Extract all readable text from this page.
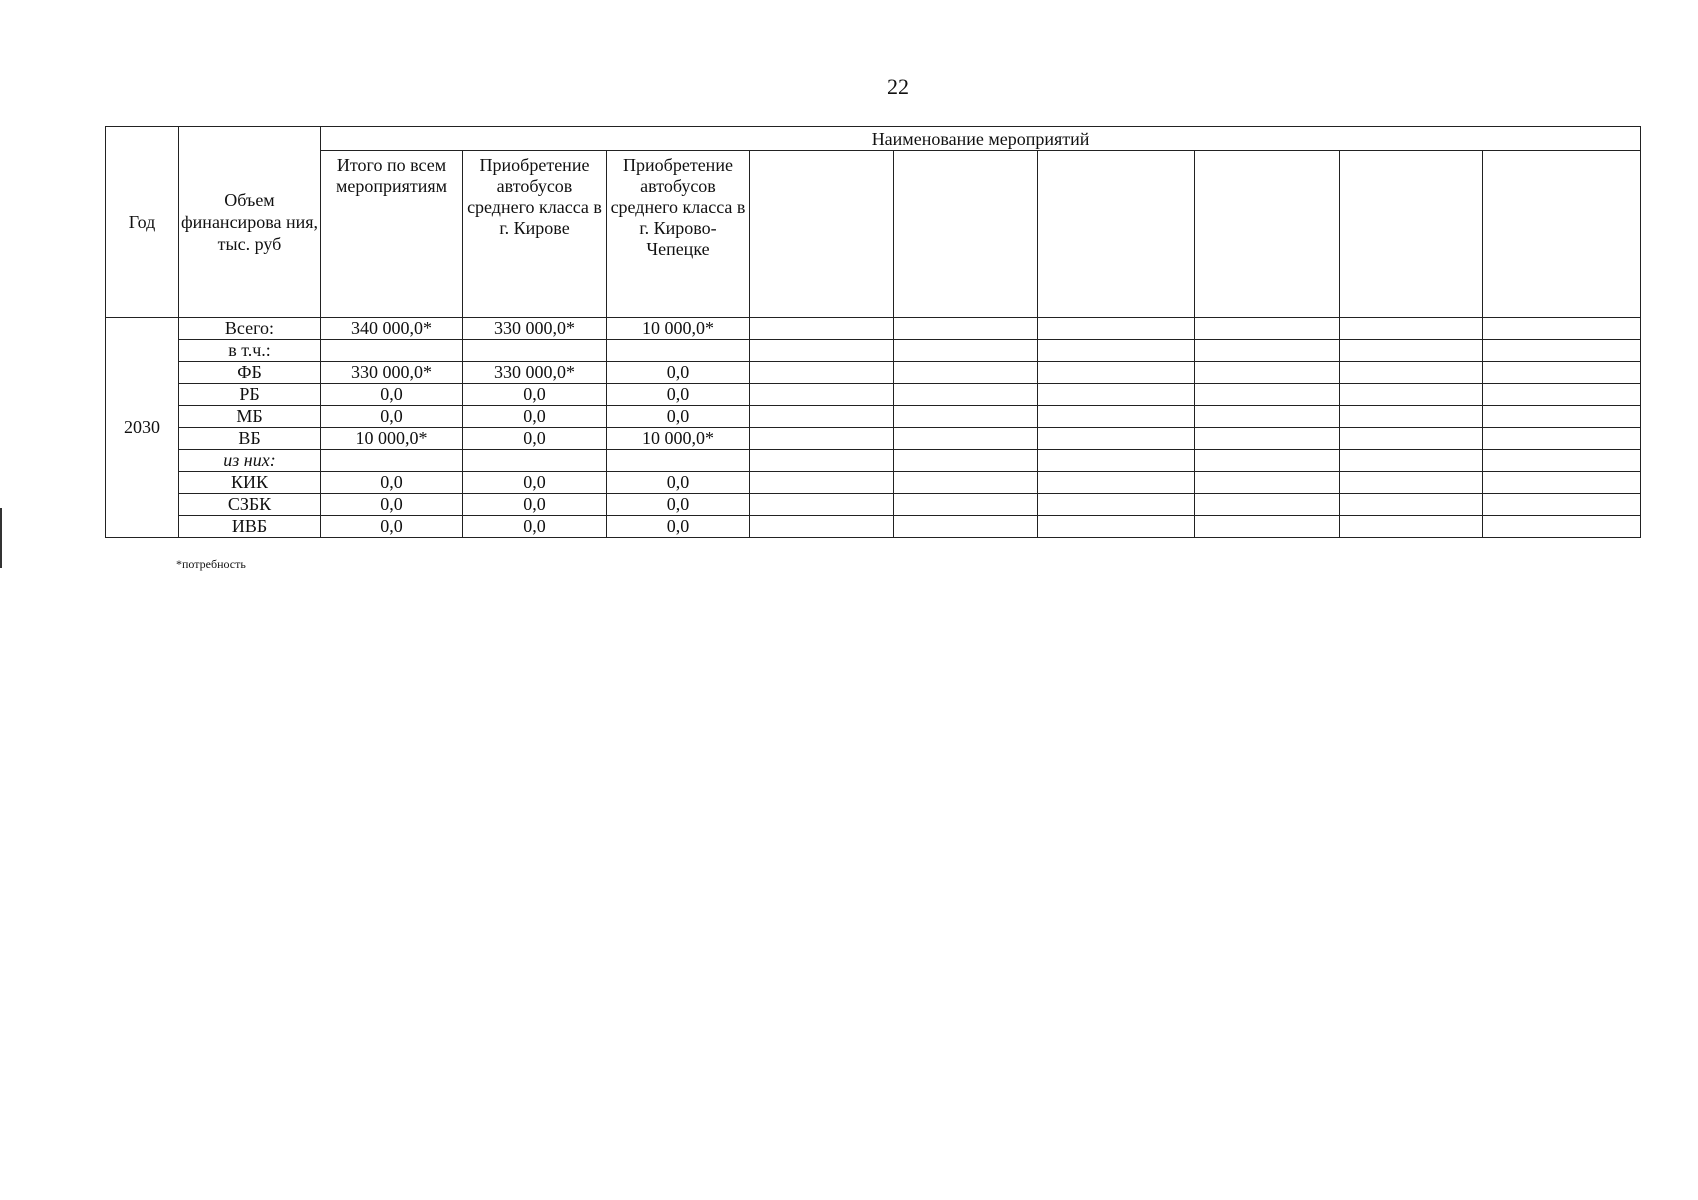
22
Год	Объем финансирова ния, тыс. руб	Наименование мероприятий								
		Итого по всем мероприятиям	Приобретение автобусов среднего класса в г. Кирове	Приобретение автобусов среднего класса в г. Кирово-Чепецке						
2030	Всего:	340 000,0*	330 000,0*	10 000,0*						
	в т.ч.:									
	ФБ	330 000,0*	330 000,0*	0,0						
	РБ	0,0	0,0	0,0						
	МБ	0,0	0,0	0,0						
	ВБ	10 000,0*	0,0	10 000,0*						
	из них:									
	КИК	0,0	0,0	0,0						
	СЗБК	0,0	0,0	0,0						
	ИВБ	0,0	0,0	0,0						
*потребность
